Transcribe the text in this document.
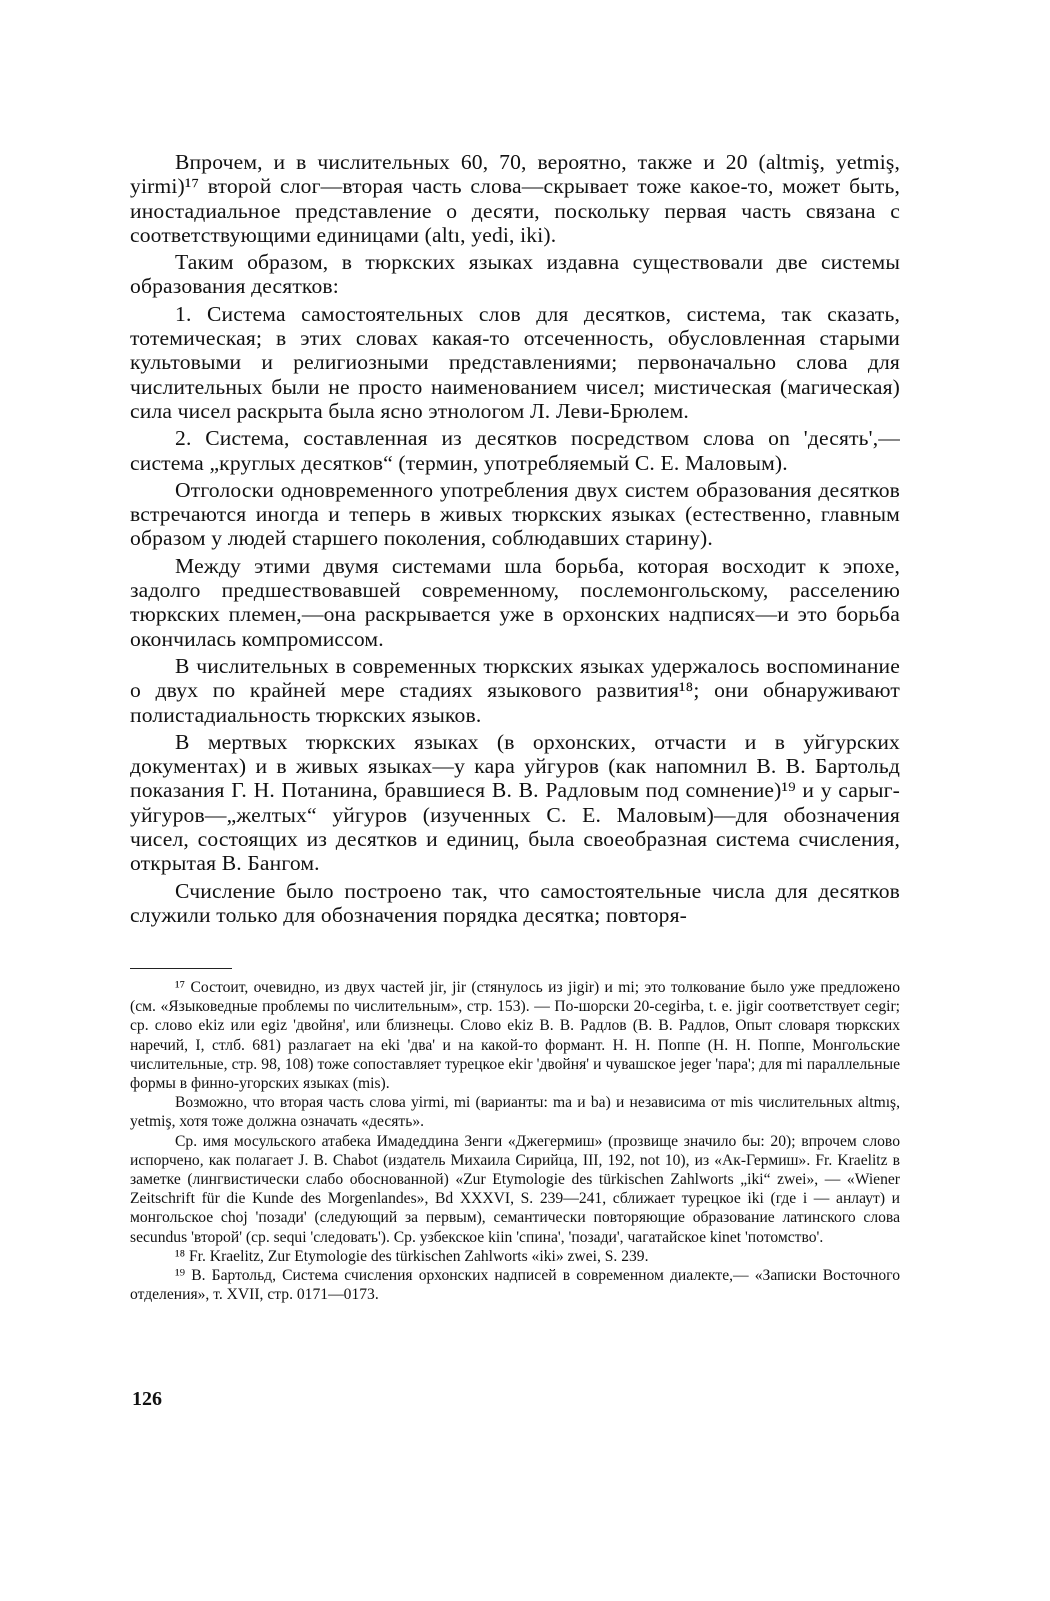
Впрочем, и в числительных 60, 70, вероятно, также и 20 (altmiş, yetmiş, yirmi)¹⁷ второй слог—вторая часть слова—скрывает тоже какое-то, может быть, иностадиальное представление о десяти, поскольку первая часть связана с соответствующими единицами (altı, yedi, iki).

Таким образом, в тюркских языках издавна существовали две системы образования десятков:

1. Система самостоятельных слов для десятков, система, так сказать, тотемическая; в этих словах какая-то отсеченность, обусловленная старыми культовыми и религиозными представлениями; первоначально слова для числительных были не просто наименованием чисел; мистическая (магическая) сила чисел раскрыта была ясно этнологом Л. Леви-Брюлем.

2. Система, составленная из десятков посредством слова on 'десять',—система „круглых десятков“ (термин, употребляемый С. Е. Маловым).

Отголоски одновременного употребления двух систем образования десятков встречаются иногда и теперь в живых тюркских языках (естественно, главным образом у людей старшего поколения, соблюдавших старину).

Между этими двумя системами шла борьба, которая восходит к эпохе, задолго предшествовавшей современному, послемонгольскому, расселению тюркских племен,—она раскрывается уже в орхонских надписях—и это борьба окончилась компромиссом.

В числительных в современных тюркских языках удержалось воспоминание о двух по крайней мере стадиях языкового развития¹⁸; они обнаруживают полистадиальность тюркских языков.

В мертвых тюркских языках (в орхонских, отчасти и в уйгурских документах) и в живых языках—у кара уйгуров (как напомнил В. В. Бартольд показания Г. Н. Потанина, бравшиеся В. В. Радловым под сомнение)¹⁹ и у сарыг-уйгуров—„желтых“ уйгуров (изученных С. Е. Маловым)—для обозначения чисел, состоящих из десятков и единиц, была своеобразная система счисления, открытая В. Бангом.

Счисление было построено так, что самостоятельные числа для десятков служили только для обозначения порядка десятка; повторя-

¹⁷ Состоит, очевидно, из двух частей jir, jir (стянулось из jigir) и mi; это толкование было уже предложено (см. «Языковедные проблемы по числительным», стр. 153). — По-шорски 20-cegirba, t. e. jigir соответствует cegir; ср. слово ekiz или egiz 'двойня', или близнецы. Слово ekiz В. В. Радлов (В. В. Радлов, Опыт словаря тюркских наречий, I, стлб. 681) разлагает на eki 'два' и на какой-то формант. Н. Н. Поппе (Н. Н. Поппе, Монгольские числительные, стр. 98, 108) тоже сопоставляет турецкое ekir 'двойня' и чувашское jeger 'пара'; для mi параллельные формы в финно-угорских языках (mis).

Возможно, что вторая часть слова yirmi, mi (варианты: ma и ba) и независима от mis числительных altmış, yetmiş, хотя тоже должна означать «десять».

Ср. имя мосульского атабека Имадеддина Зенги «Джегермиш» (прозвище значило бы: 20); впрочем слово испорчено, как полагает J. B. Chabot (издатель Михаила Сирийца, III, 192, not 10), из «Ак-Гермиш». Fr. Kraelitz в заметке (лингвистически слабо обоснованной) «Zur Etymologie des türkischen Zahlworts „iki“ zwei», — «Wiener Zeitschrift für die Kunde des Morgenlandes», Bd XXXVI, S. 239—241, сближает турецкое iki (где i — анлаут) и монгольское choj 'позади' (следующий за первым), семантически повторяющие образование латинского слова secundus 'второй' (ср. sequi 'следовать'). Ср. узбекское kiin 'спина', 'позади', чагатайское kinet 'потомство'.

¹⁸ Fr. Kraelitz, Zur Etymologie des türkischen Zahlworts «iki» zwei, S. 239.

¹⁹ В. Бартольд, Система счисления орхонских надписей в современном диалекте,— «Записки Восточного отделения», т. XVII, стр. 0171—0173.

126
